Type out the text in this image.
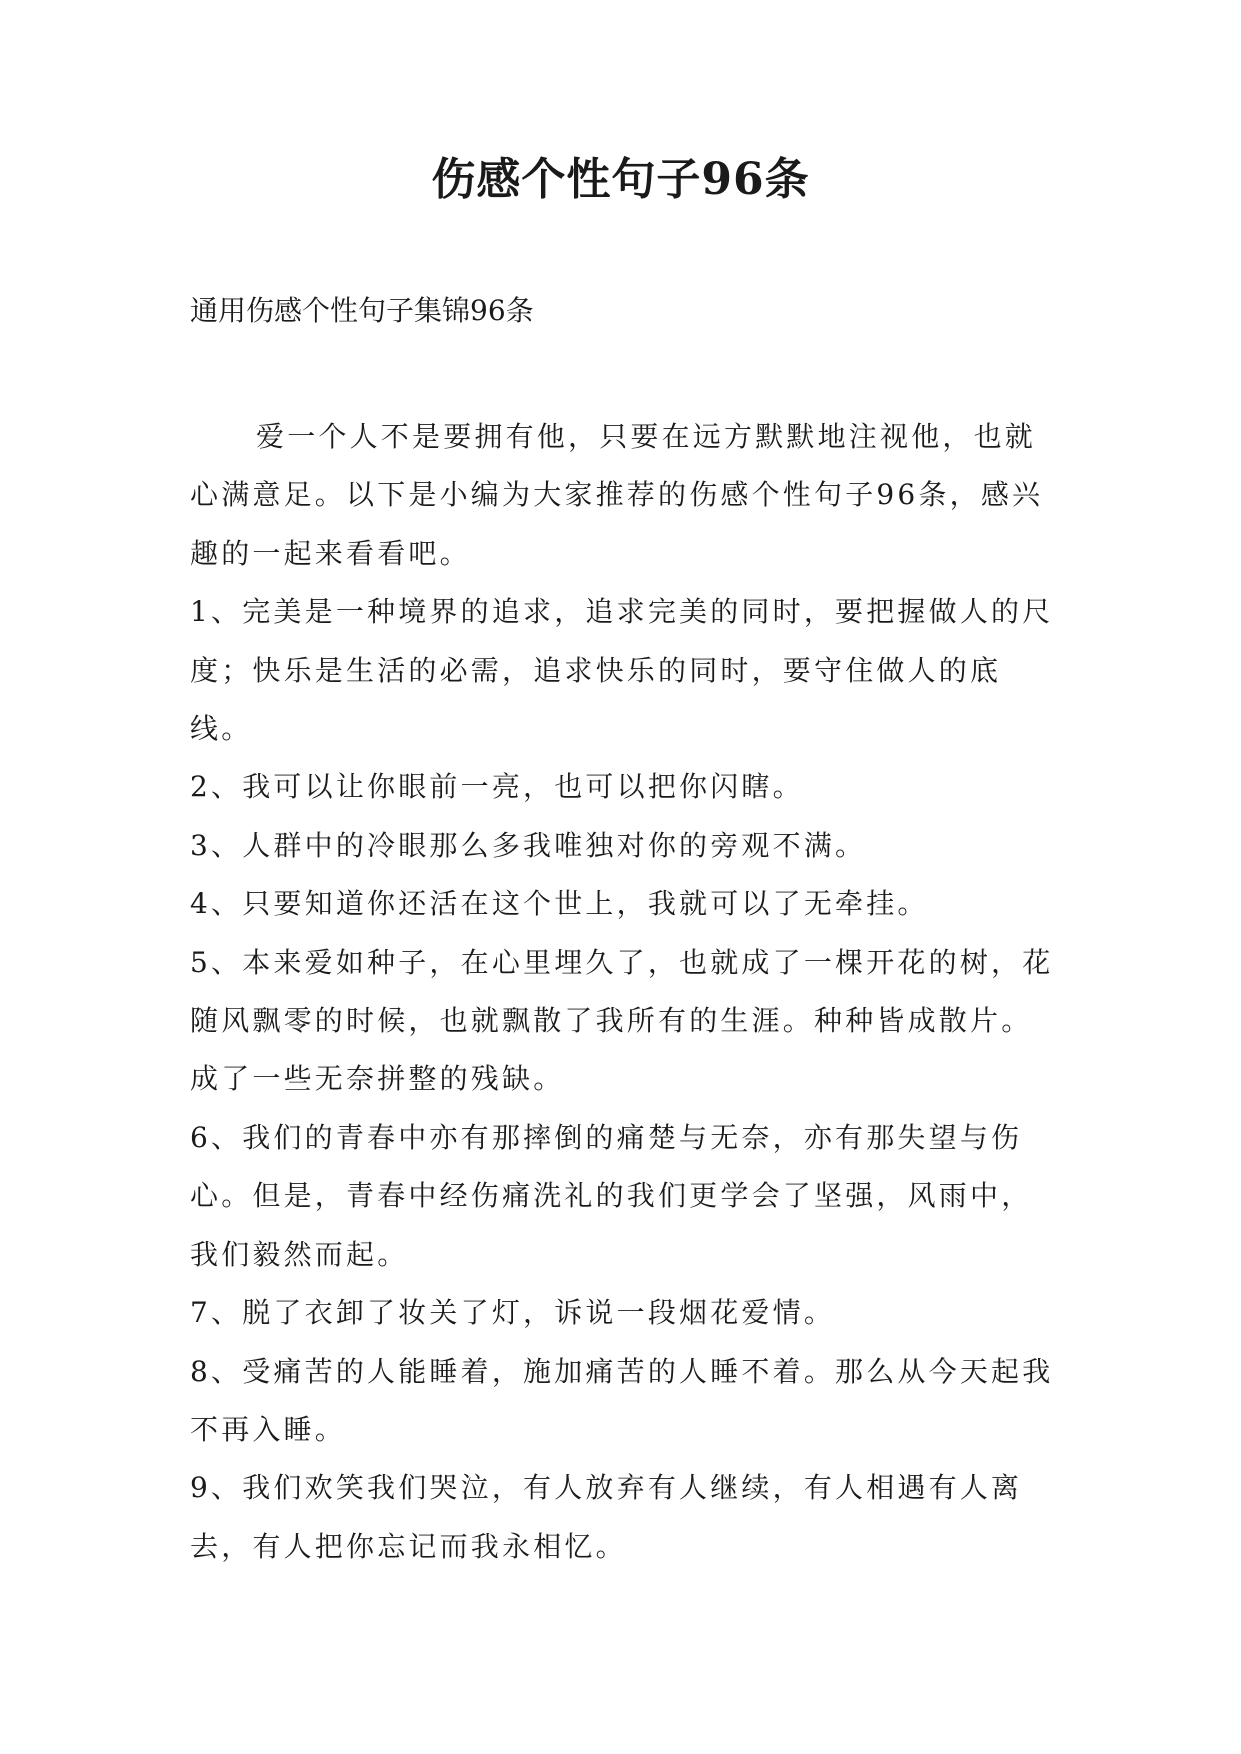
伤感个性句子96条

通用伤感个性句子集锦96条

爱一个人不是要拥有他，只要在远方默默地注视他，也就心满意足。以下是小编为大家推荐的伤感个性句子96条，感兴趣的一起来看看吧。

1、完美是一种境界的追求，追求完美的同时，要把握做人的尺度；快乐是生活的必需，追求快乐的同时，要守住做人的底线。

2、我可以让你眼前一亮，也可以把你闪瞎。

3、人群中的冷眼那么多我唯独对你的旁观不满。

4、只要知道你还活在这个世上，我就可以了无牵挂。

5、本来爱如种子，在心里埋久了，也就成了一棵开花的树，花随风飘零的时候，也就飘散了我所有的生涯。种种皆成散片。成了一些无奈拼整的残缺。

6、我们的青春中亦有那摔倒的痛楚与无奈，亦有那失望与伤心。但是，青春中经伤痛洗礼的我们更学会了坚强，风雨中，我们毅然而起。

7、脱了衣卸了妆关了灯，诉说一段烟花爱情。

8、受痛苦的人能睡着，施加痛苦的人睡不着。那么从今天起我不再入睡。

9、我们欢笑我们哭泣，有人放弃有人继续，有人相遇有人离去，有人把你忘记而我永相忆。
